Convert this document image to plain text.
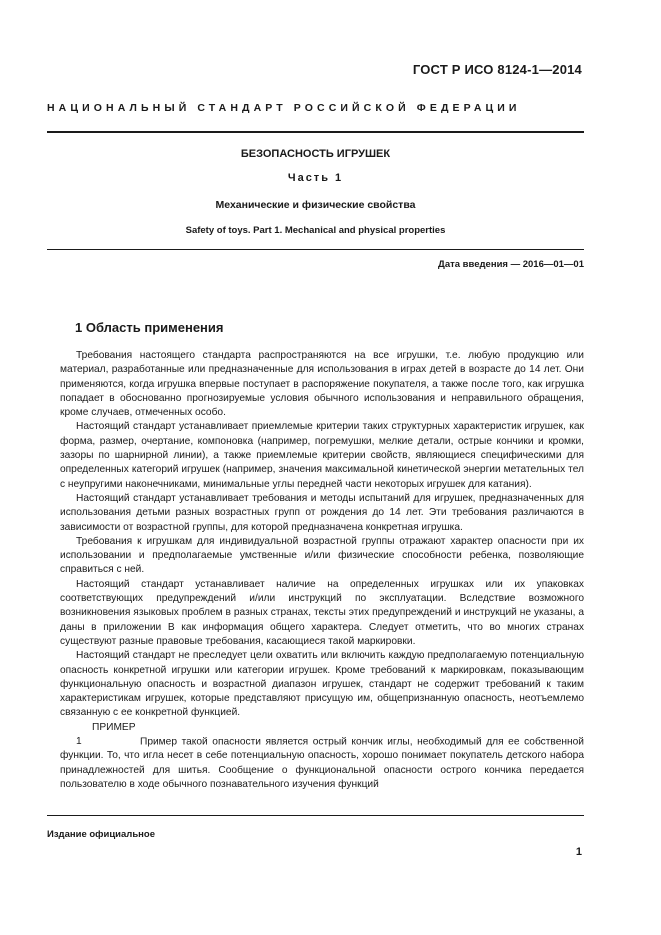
ГОСТ Р ИСО 8124-1—2014
НАЦИОНАЛЬНЫЙ СТАНДАРТ РОССИЙСКОЙ ФЕДЕРАЦИИ
БЕЗОПАСНОСТЬ ИГРУШЕК
Часть 1
Механические и физические свойства
Safety of toys. Part 1. Mechanical and physical properties
Дата введения — 2016—01—01
1 Область применения

Требования настоящего стандарта распространяются на все игрушки, т.е. любую продукцию или материал, разработанные или предназначенные для использования в играх детей в возрасте до 14 лет. Они применяются, когда игрушка впервые поступает в распоряжение покупателя, а также после того, как игрушка попадает в обоснованно прогнозируемые условия обычного использования и неправильного обращения, кроме случаев, отмеченных особо.

Настоящий стандарт устанавливает приемлемые критерии таких структурных характеристик игрушек, как форма, размер, очертание, компоновка (например, погремушки, мелкие детали, острые кончики и кромки, зазоры по шарнирной линии), а также приемлемые критерии свойств, являющиеся специфическими для определенных категорий игрушек (например, значения максимальной кинетической энергии метательных тел с неупругими наконечниками, минимальные углы передней части некоторых игрушек для катания).

Настоящий стандарт устанавливает требования и методы испытаний для игрушек, предназначенных для использования детьми разных возрастных групп от рождения до 14 лет. Эти требования различаются в зависимости от возрастной группы, для которой предназначена конкретная игрушка.

Требования к игрушкам для индивидуальной возрастной группы отражают характер опасности при их использовании и предполагаемые умственные и/или физические способности ребенка, позволяющие справиться с ней.

Настоящий стандарт устанавливает наличие на определенных игрушках или их упаковках соответствующих предупреждений и/или инструкций по эксплуатации. Вследствие возможного возникновения языковых проблем в разных странах, тексты этих предупреждений и инструкций не указаны, а даны в приложении В как информация общего характера. Следует отметить, что во многих странах существуют разные правовые требования, касающиеся такой маркировки.

Настоящий стандарт не преследует цели охватить или включить каждую предполагаемую потенциальную опасность конкретной игрушки или категории игрушек. Кроме требований к маркировкам, показывающим функциональную опасность и возрастной диапазон игрушек, стандарт не содержит требований к таким характеристикам игрушек, которые представляют присущую им, общепризнанную опасность, неотъемлемо связанную с ее конкретной функцией.

ПРИМЕР 1	Пример такой опасности является острый кончик иглы, необходимый для ее собственной функции. То, что игла несет в себе потенциальную опасность, хорошо понимает покупатель детского набора принадлежностей для шитья. Сообщение о функциональной опасности острого кончика передается пользователю в ходе обычного познавательного изучения функций

Издание официальное
1
